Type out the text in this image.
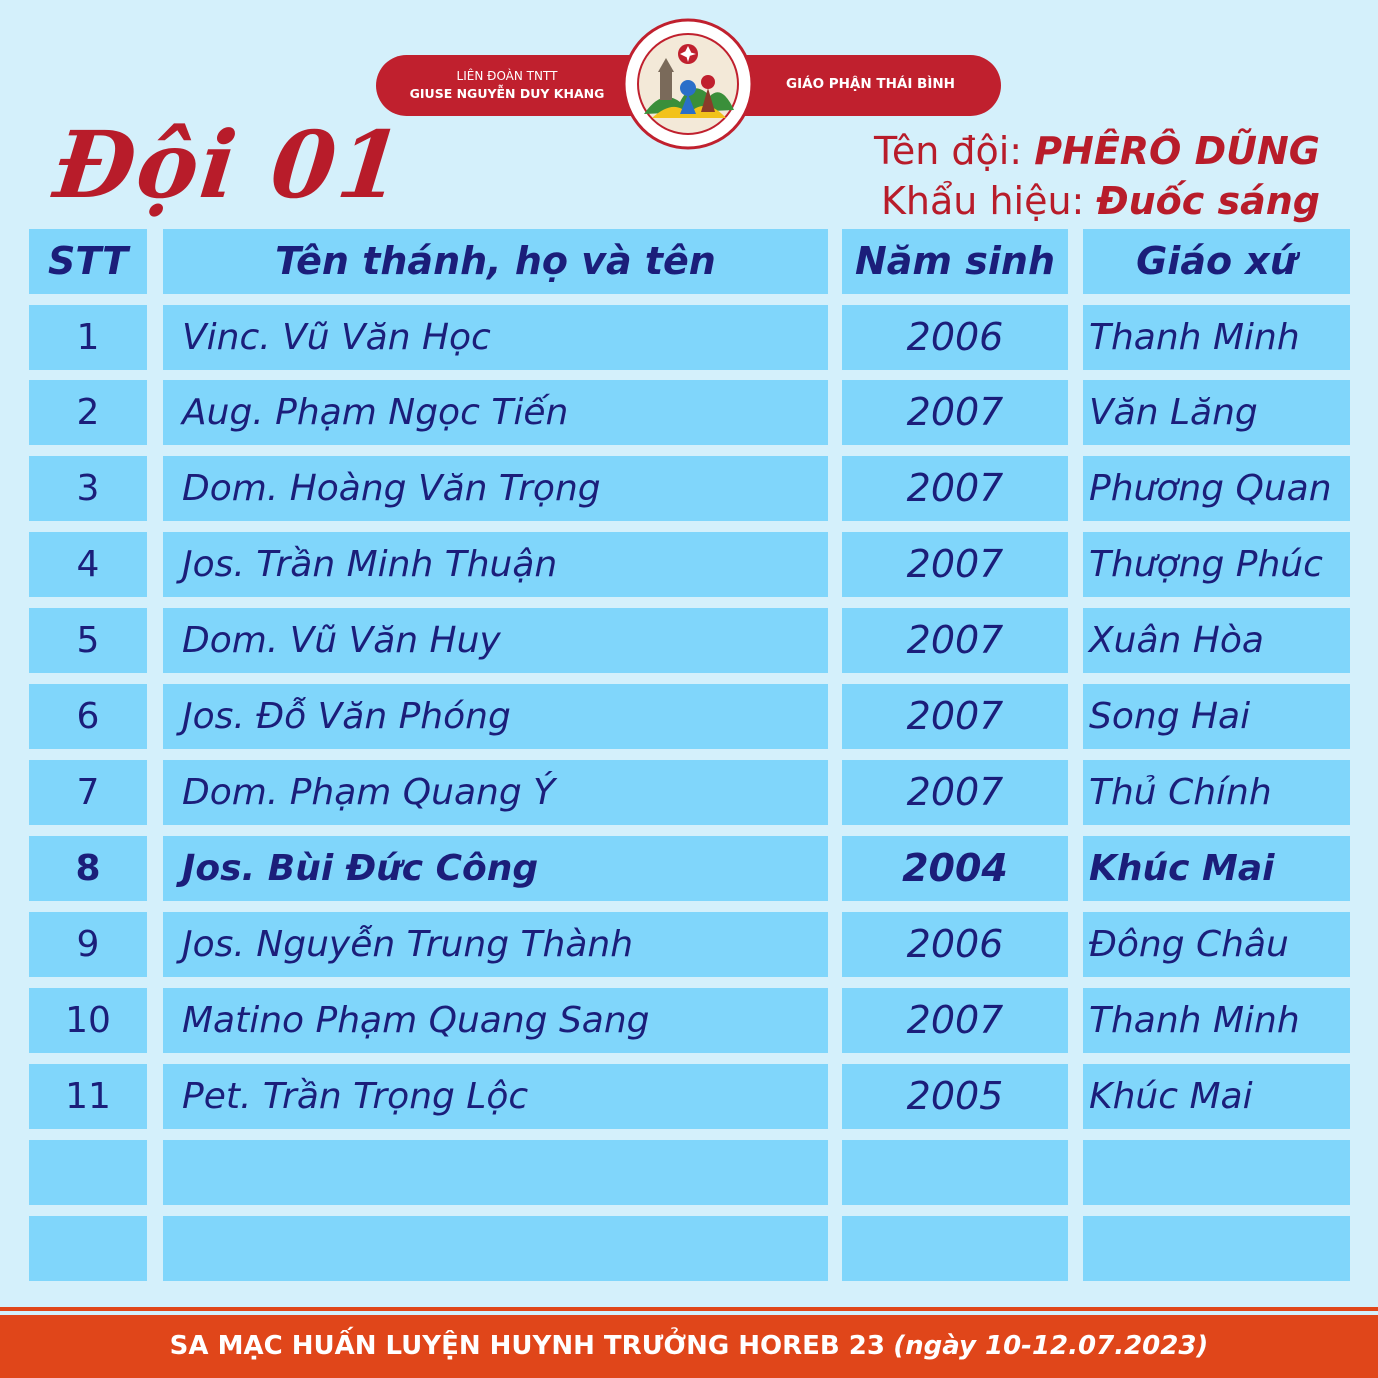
LIÊN ĐOÀN TNTT
GIUSE NGUYỄN DUY KHANG
GIÁO PHẬN THÁI BÌNH
Đội 01	Tên đội: PHÊRÔ DŨNG
Khẩu hiệu: Đuốc sáng
STT	Tên thánh, họ và tên	Năm sinh	Giáo xứ
1	Vinc. Vũ Văn Học	2006	Thanh Minh
2	Aug. Phạm Ngọc Tiến	2007	Văn Lăng
3	Dom. Hoàng Văn Trọng	2007	Phương Quan
4	Jos. Trần Minh Thuận	2007	Thượng Phúc
5	Dom. Vũ Văn Huy	2007	Xuân Hòa
6	Jos. Đỗ Văn Phóng	2007	Song Hai
7	Dom. Phạm Quang Ý	2007	Thủ Chính
8	Jos. Bùi Đức Công	2004	Khúc Mai
9	Jos. Nguyễn Trung Thành	2006	Đông Châu
10	Matino Phạm Quang Sang	2007	Thanh Minh
11	Pet. Trần Trọng Lộc	2005	Khúc Mai
SA MẠC HUẤN LUYỆN HUYNH TRƯỞNG HOREB 23 (ngày 10-12.07.2023)
